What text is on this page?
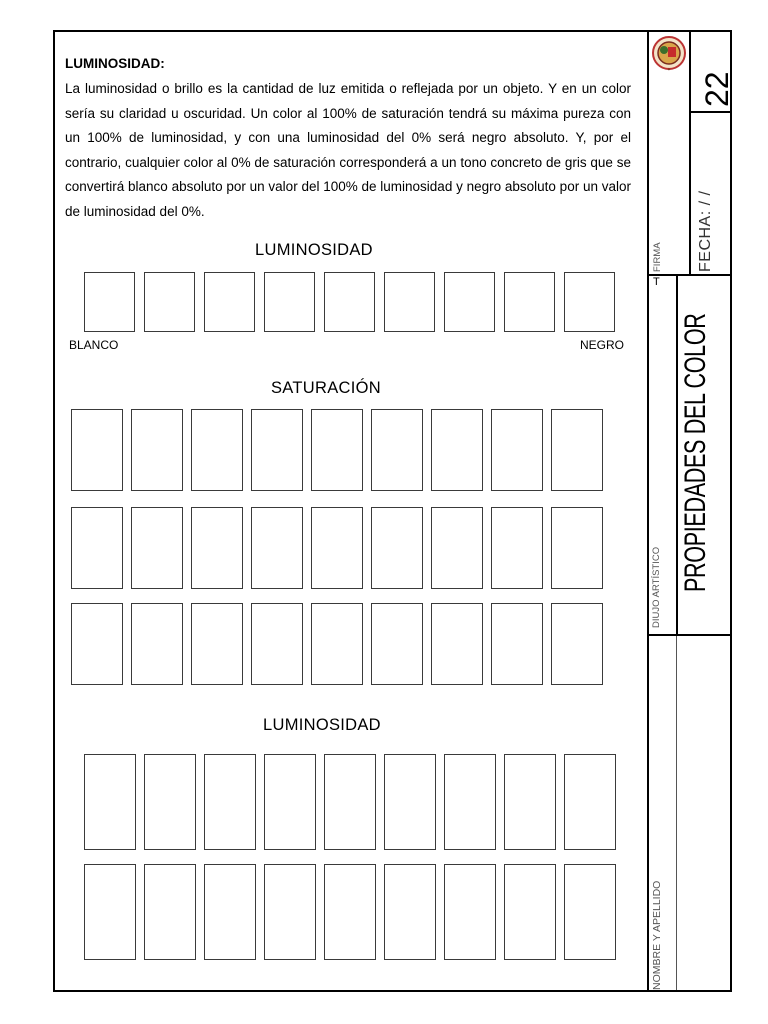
LUMINOSIDAD:
La luminosidad o brillo es la cantidad de luz emitida o reflejada por un objeto. Y en un color sería su claridad u oscuridad. Un color al 100% de saturación tendrá su máxima pureza con un 100% de luminosidad, y con una luminosidad del 0% será negro absoluto. Y, por el contrario, cualquier color al 0% de saturación corresponderá a un tono concreto de gris que se convertirá blanco absoluto por un valor del 100% de luminosidad y negro absoluto por un valor de luminosidad del 0%.
LUMINOSIDAD
BLANCO	NEGRO
SATURACIÓN
LUMINOSIDAD
✦
22
FIRMA FECHA: / /
T
DIUJO ARTÍSTICO PROPIEDADES DEL COLOR
NOMBRE Y APELLIDO
